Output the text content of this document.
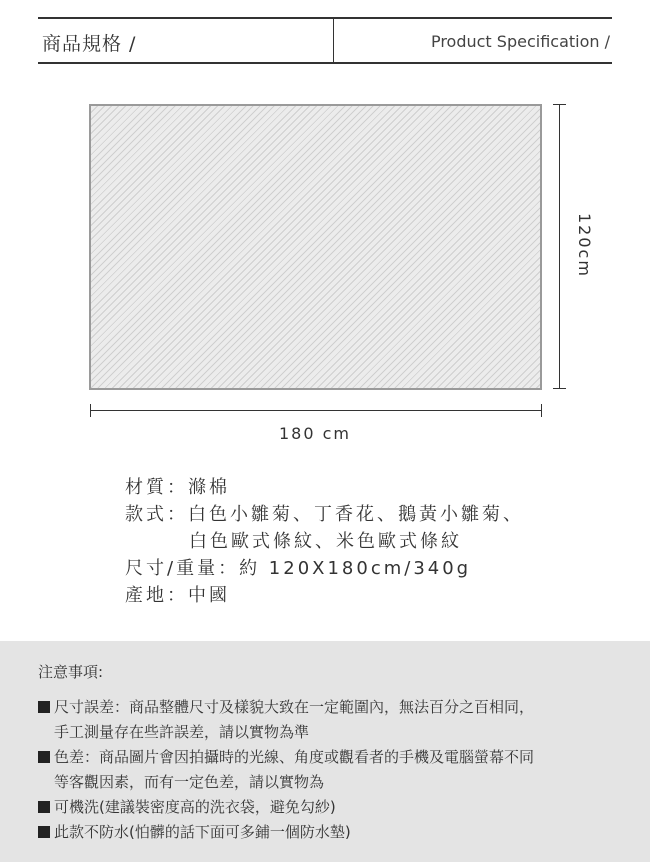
商品規格 /	Product Specification /
120cm
180 cm
材質：滌棉
款式：白色小雛菊、丁香花、鵝黃小雛菊、
白色歐式條紋、米色歐式條紋
尺寸/重量：約 120X180cm/340g
產地：中國
注意事項:
尺寸誤差：商品整體尺寸及樣貌大致在一定範圍內，無法百分之百相同，
手工測量存在些許誤差，請以實物為準
色差：商品圖片會因拍攝時的光線、角度或觀看者的手機及電腦螢幕不同
等客觀因素，而有一定色差，請以實物為
可機洗(建議裝密度高的洗衣袋，避免勾紗)
此款不防水(怕髒的話下面可多鋪一個防水墊)
